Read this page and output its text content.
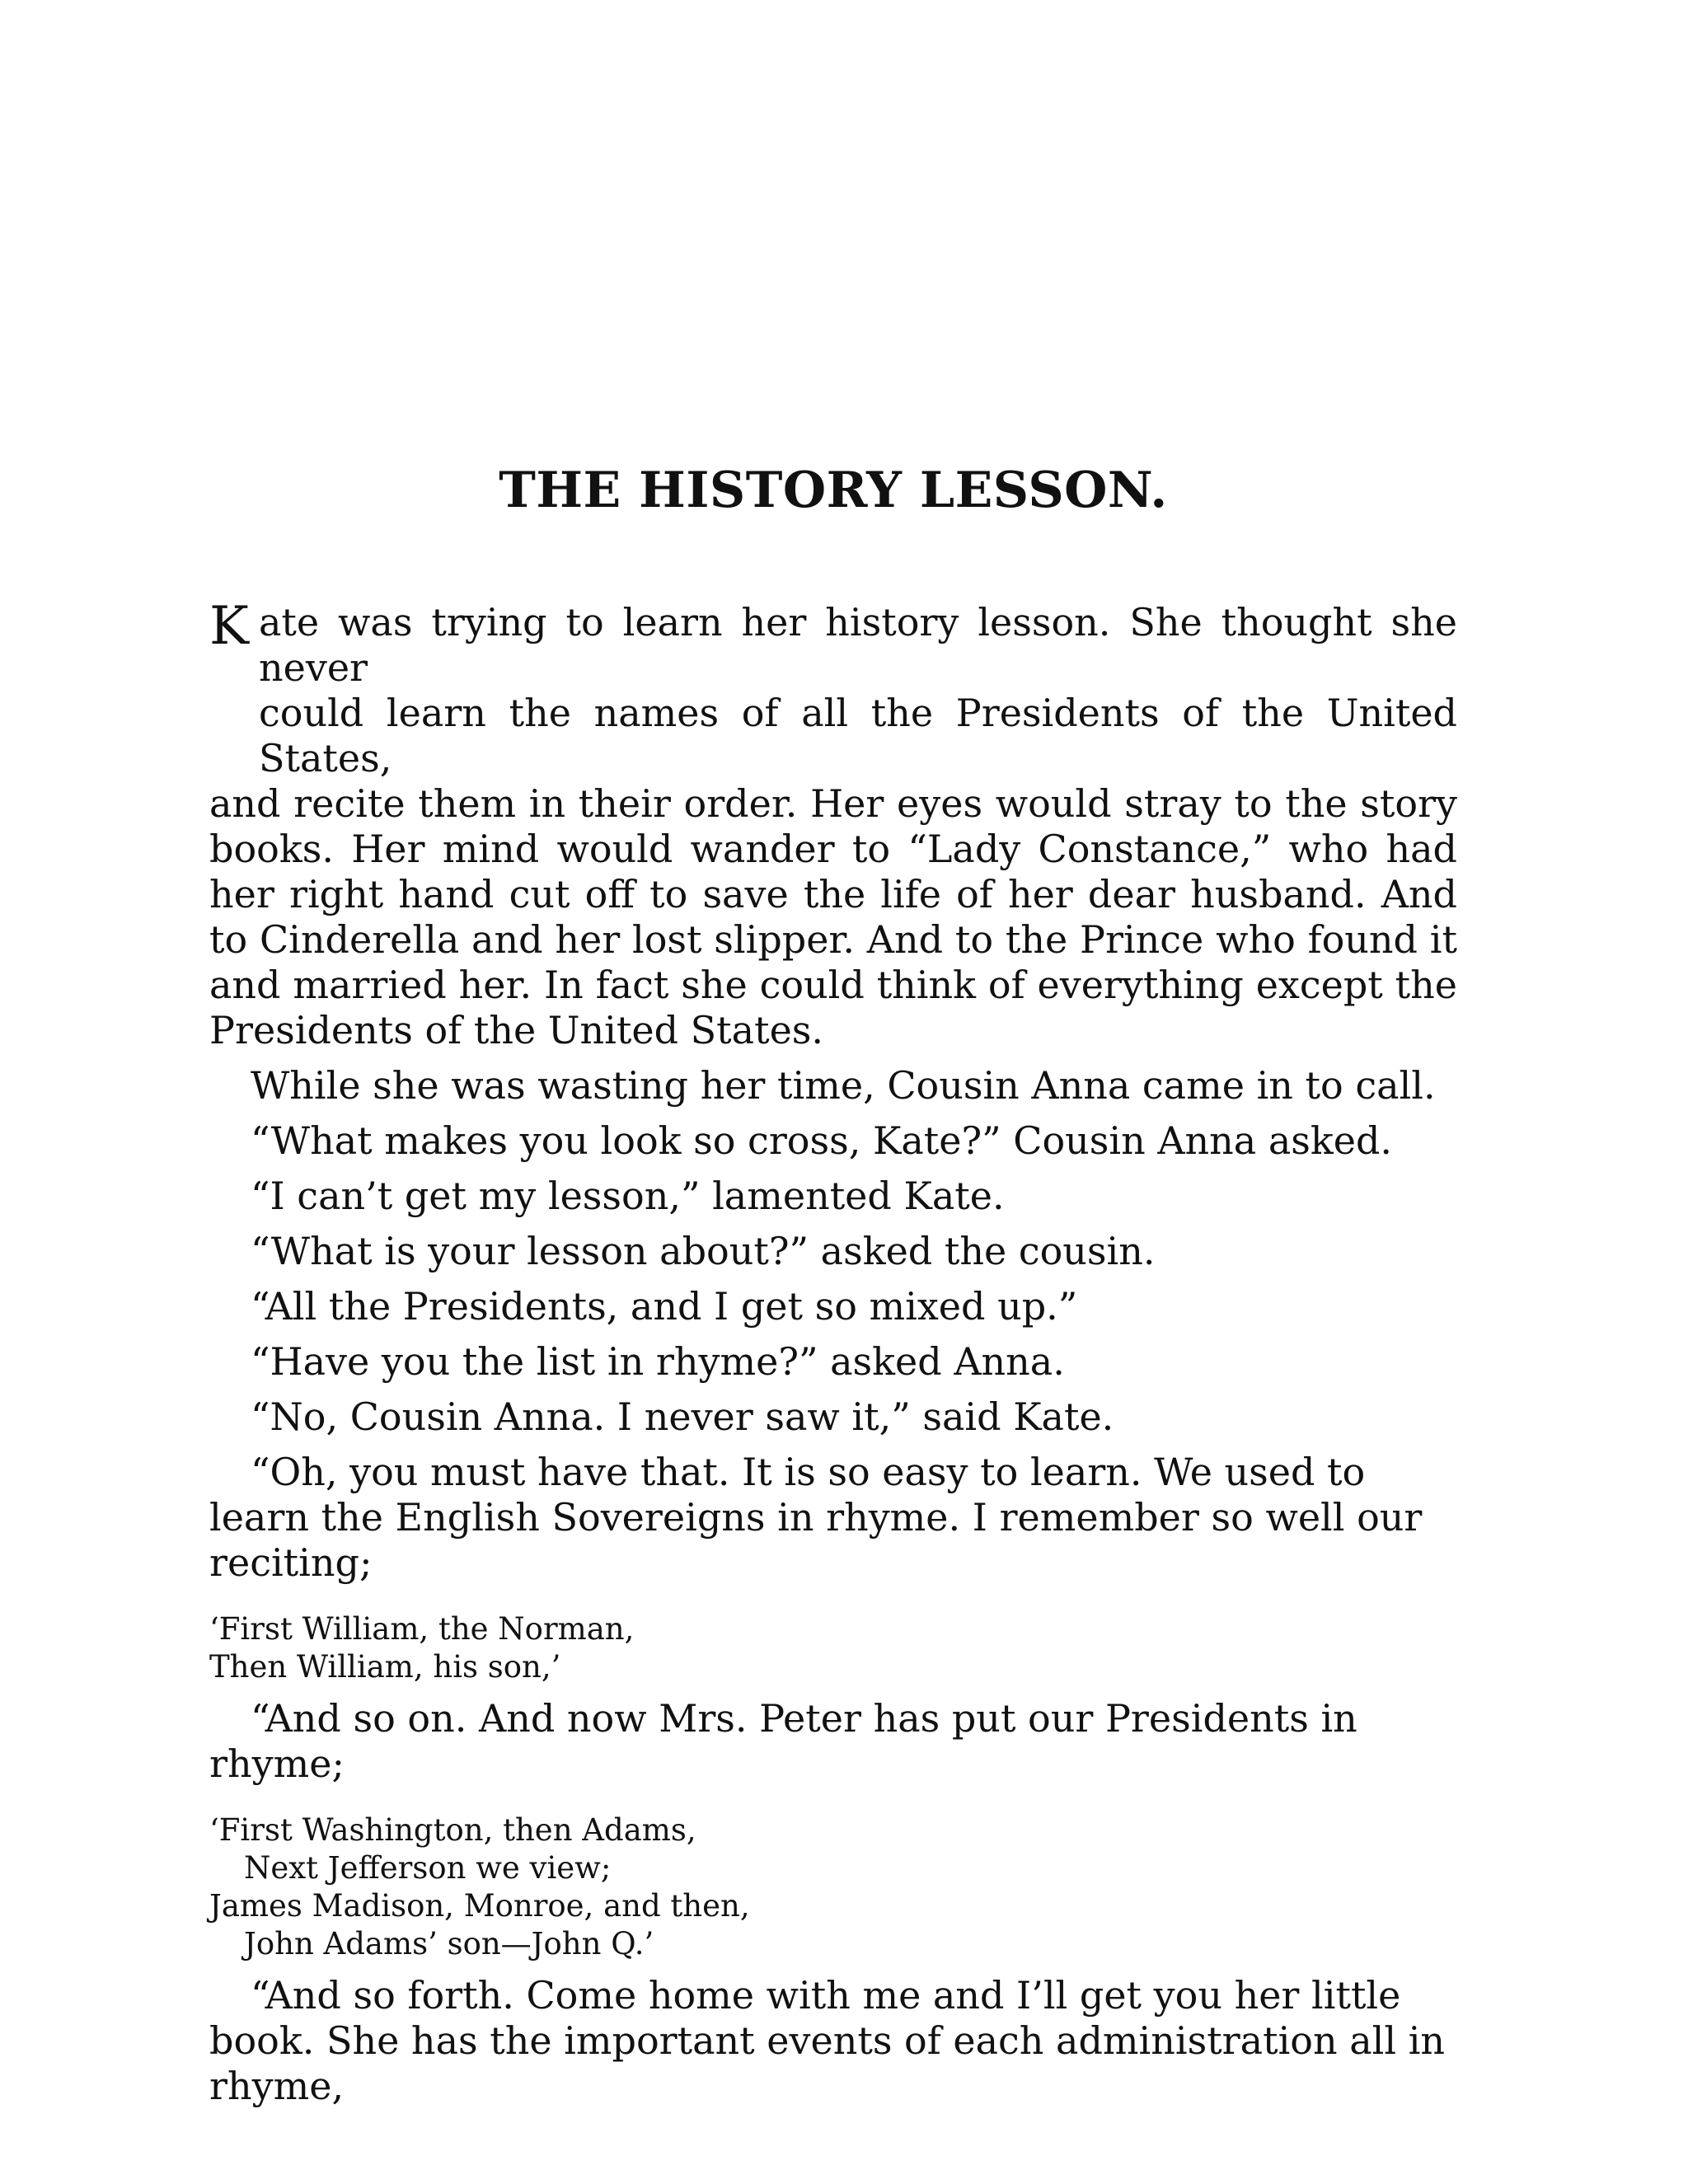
THE HISTORY LESSON.

K ate was trying to learn her history lesson. She thought she never
could learn the names of all the Presidents of the United States,
and recite them in their order. Her eyes would stray to the story books. Her mind would wander to “Lady Constance,” who had her right hand cut off to save the life of her dear husband. And to Cinderella and her lost slipper. And to the Prince who found it and married her. In fact she could think of everything except the Presidents of the United States.

While she was wasting her time, Cousin Anna came in to call.

“What makes you look so cross, Kate?” Cousin Anna asked.

“I can’t get my lesson,” lamented Kate.

“What is your lesson about?” asked the cousin.

“All the Presidents, and I get so mixed up.”

“Have you the list in rhyme?” asked Anna.

“No, Cousin Anna. I never saw it,” said Kate.

“Oh, you must have that. It is so easy to learn. We used to learn the English Sovereigns in rhyme. I remember so well our reciting;

‘First William, the Norman,
Then William, his son,’

“And so on. And now Mrs. Peter has put our Presidents in rhyme;

‘First Washington, then Adams,
Next Jefferson we view;
James Madison, Monroe, and then,
John Adams’ son—John Q.’

“And so forth. Come home with me and I’ll get you her little book. She has the important events of each administration all in rhyme,
